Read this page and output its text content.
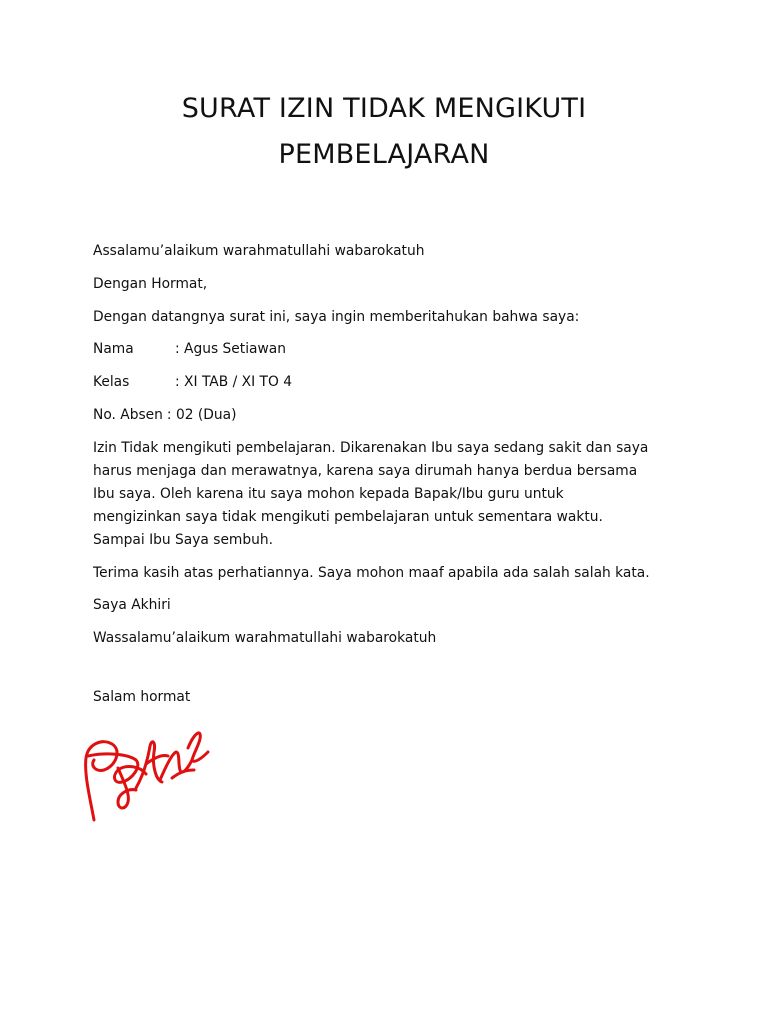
SURAT IZIN TIDAK MENGIKUTI
PEMBELAJARAN

Assalamu’alaikum warahmatullahi wabarokatuh

Dengan Hormat,

Dengan datangnya surat ini, saya ingin memberitahukan bahwa saya:

Nama	: Agus Setiawan
Kelas	: XI TAB / XI TO 4
No. Absen : 02 (Dua)

Izin Tidak mengikuti pembelajaran. Dikarenakan Ibu saya sedang sakit dan saya
harus menjaga dan merawatnya, karena saya dirumah hanya berdua bersama
Ibu saya. Oleh karena itu saya mohon kepada Bapak/Ibu guru untuk
mengizinkan saya tidak mengikuti pembelajaran untuk sementara waktu.
Sampai Ibu Saya sembuh.

Terima kasih atas perhatiannya. Saya mohon maaf apabila ada salah salah kata.

Saya Akhiri

Wassalamu’alaikum warahmatullahi wabarokatuh

Salam hormat
